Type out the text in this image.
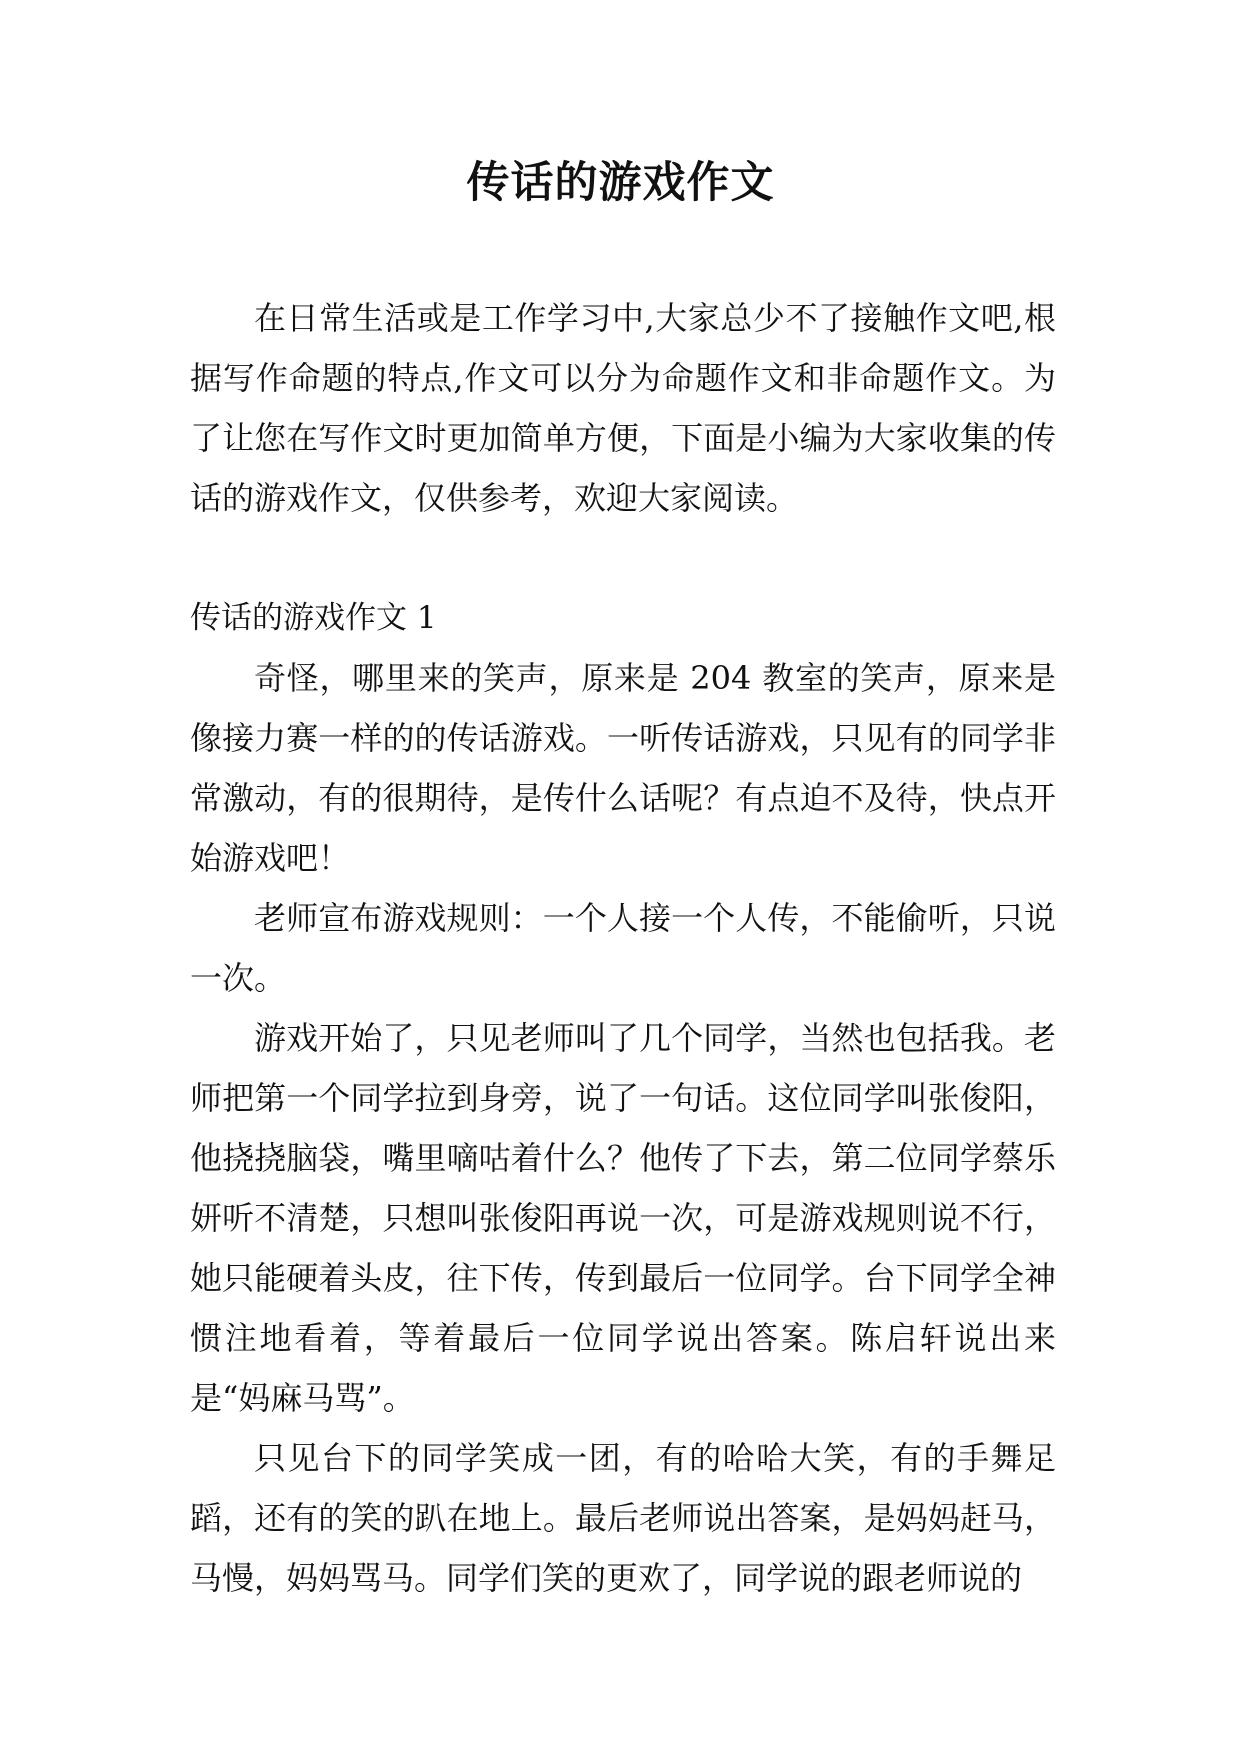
传话的游戏作文

在日常生活或是工作学习中,大家总少不了接触作文吧,根据写作命题的特点,作文可以分为命题作文和非命题作文。为了让您在写作文时更加简单方便，下面是小编为大家收集的传话的游戏作文，仅供参考，欢迎大家阅读。

传话的游戏作文 1

奇怪，哪里来的笑声，原来是 204 教室的笑声，原来是像接力赛一样的的传话游戏。一听传话游戏，只见有的同学非常激动，有的很期待，是传什么话呢？有点迫不及待，快点开始游戏吧！

老师宣布游戏规则：一个人接一个人传，不能偷听，只说一次。

游戏开始了，只见老师叫了几个同学，当然也包括我。老师把第一个同学拉到身旁，说了一句话。这位同学叫张俊阳，他挠挠脑袋，嘴里嘀咕着什么？他传了下去，第二位同学蔡乐妍听不清楚，只想叫张俊阳再说一次，可是游戏规则说不行，她只能硬着头皮，往下传，传到最后一位同学。台下同学全神惯注地看着，等着最后一位同学说出答案。陈启轩说出来是“妈麻马骂”。

只见台下的同学笑成一团，有的哈哈大笑，有的手舞足蹈，还有的笑的趴在地上。最后老师说出答案，是妈妈赶马，马慢，妈妈骂马。同学们笑的更欢了，同学说的跟老师说的
